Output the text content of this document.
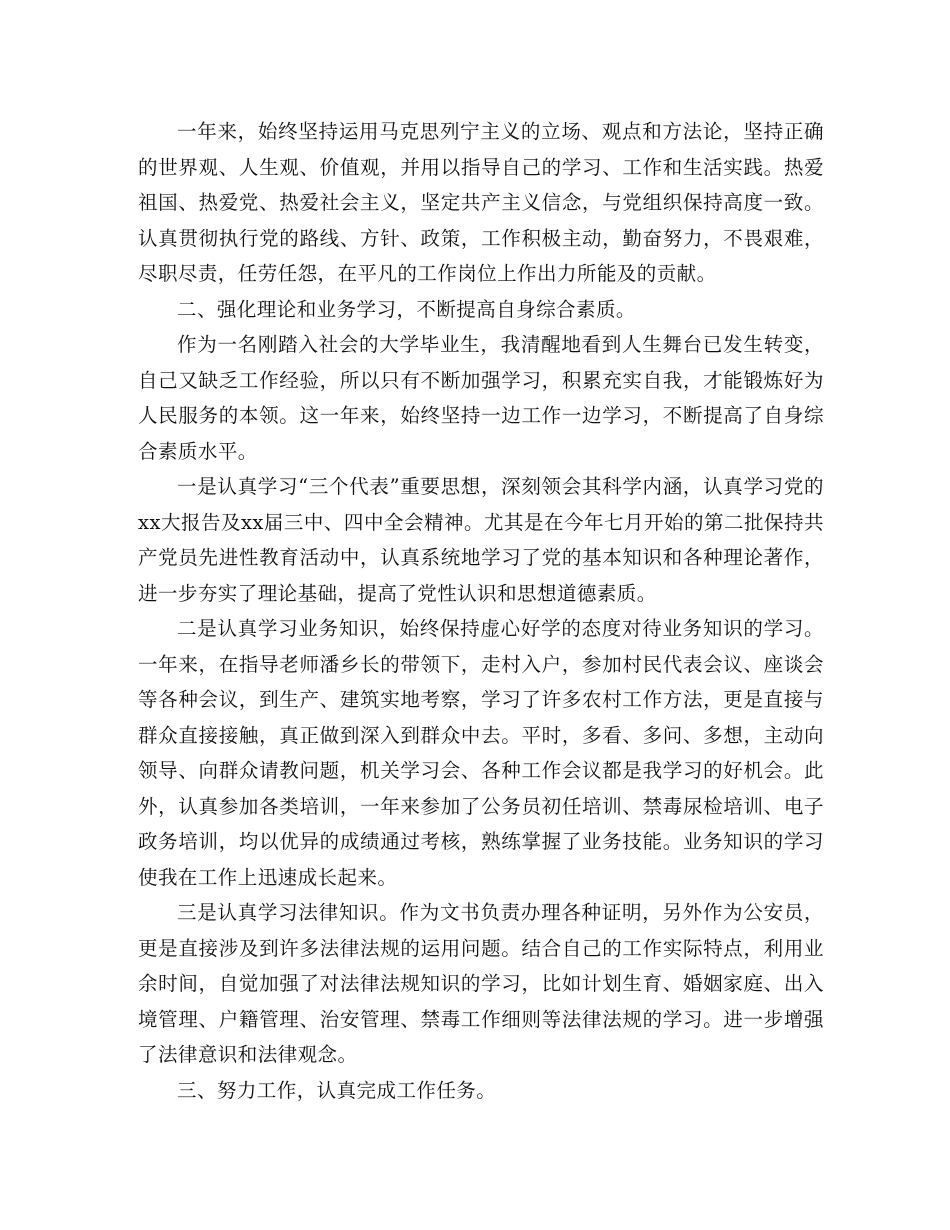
一年来，始终坚持运用马克思列宁主义的立场、观点和方法论，坚持正确的世界观、人生观、价值观，并用以指导自己的学习、工作和生活实践。热爱祖国、热爱党、热爱社会主义，坚定共产主义信念，与党组织保持高度一致。认真贯彻执行党的路线、方针、政策，工作积极主动，勤奋努力，不畏艰难，尽职尽责，任劳任怨，在平凡的工作岗位上作出力所能及的贡献。

二、强化理论和业务学习，不断提高自身综合素质。

作为一名刚踏入社会的大学毕业生，我清醒地看到人生舞台已发生转变，自己又缺乏工作经验，所以只有不断加强学习，积累充实自我，才能锻炼好为人民服务的本领。这一年来，始终坚持一边工作一边学习，不断提高了自身综合素质水平。

一是认真学习“三个代表”重要思想，深刻领会其科学内涵，认真学习党的xx大报告及xx届三中、四中全会精神。尤其是在今年七月开始的第二批保持共产党员先进性教育活动中，认真系统地学习了党的基本知识和各种理论著作，进一步夯实了理论基础，提高了党性认识和思想道德素质。

二是认真学习业务知识，始终保持虚心好学的态度对待业务知识的学习。一年来，在指导老师潘乡长的带领下，走村入户，参加村民代表会议、座谈会等各种会议，到生产、建筑实地考察，学习了许多农村工作方法，更是直接与群众直接接触，真正做到深入到群众中去。平时，多看、多问、多想，主动向领导、向群众请教问题，机关学习会、各种工作会议都是我学习的好机会。此外，认真参加各类培训，一年来参加了公务员初任培训、禁毒尿检培训、电子政务培训，均以优异的成绩通过考核，熟练掌握了业务技能。业务知识的学习使我在工作上迅速成长起来。

三是认真学习法律知识。作为文书负责办理各种证明，另外作为公安员，更是直接涉及到许多法律法规的运用问题。结合自己的工作实际特点，利用业余时间，自觉加强了对法律法规知识的学习，比如计划生育、婚姻家庭、出入境管理、户籍管理、治安管理、禁毒工作细则等法律法规的学习。进一步增强了法律意识和法律观念。

三、努力工作，认真完成工作任务。
